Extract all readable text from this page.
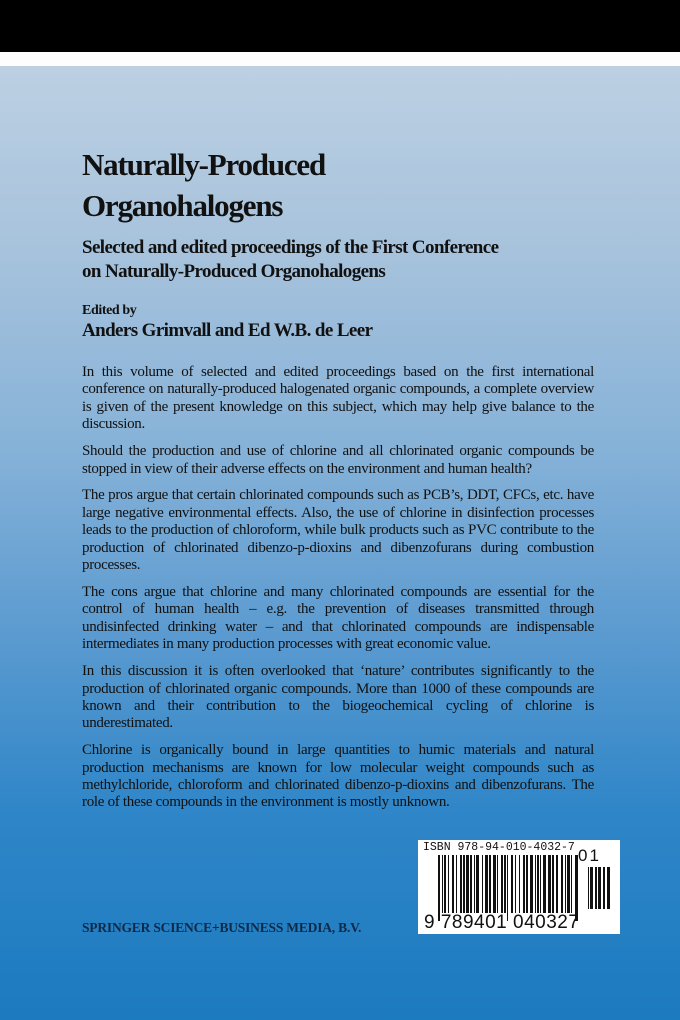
Naturally-Produced
Organohalogens
Selected and edited proceedings of the First Conference
on Naturally-Produced Organohalogens
Edited by
Anders Grimvall and Ed W.B. de Leer

In this volume of selected and edited proceedings based on the first international conference on naturally-produced halogenated organic compounds, a complete overview is given of the present knowledge on this subject, which may help give balance to the discussion.

Should the production and use of chlorine and all chlorinated organic compounds be stopped in view of their adverse effects on the environment and human health?

The pros argue that certain chlorinated compounds such as PCB’s, DDT, CFCs, etc. have large negative environmental effects. Also, the use of chlorine in disinfection processes leads to the production of chloroform, while bulk products such as PVC contribute to the production of chlorinated dibenzo-p-dioxins and dibenzofurans during combustion processes.

The cons argue that chlorine and many chlorinated compounds are essential for the control of human health – e.g. the prevention of diseases transmitted through undisinfected drinking water – and that chlorinated compounds are indispensable intermediates in many production processes with great economic value.

In this discussion it is often overlooked that ‘nature’ contributes significantly to the production of chlorinated organic compounds. More than 1000 of these compounds are known and their contribution to the biogeochemical cycling of chlorine is underestimated.

Chlorine is organically bound in large quantities to humic materials and natural production mechanisms are known for low molecular weight compounds such as methylchloride, chloroform and chlorinated dibenzo-p-dioxins and dibenzofurans. The role of these compounds in the environment is mostly unknown.

SPRINGER SCIENCE+BUSINESS MEDIA, B.V.
ISBN 978-94-010-4032-7 01
9 789401 040327
